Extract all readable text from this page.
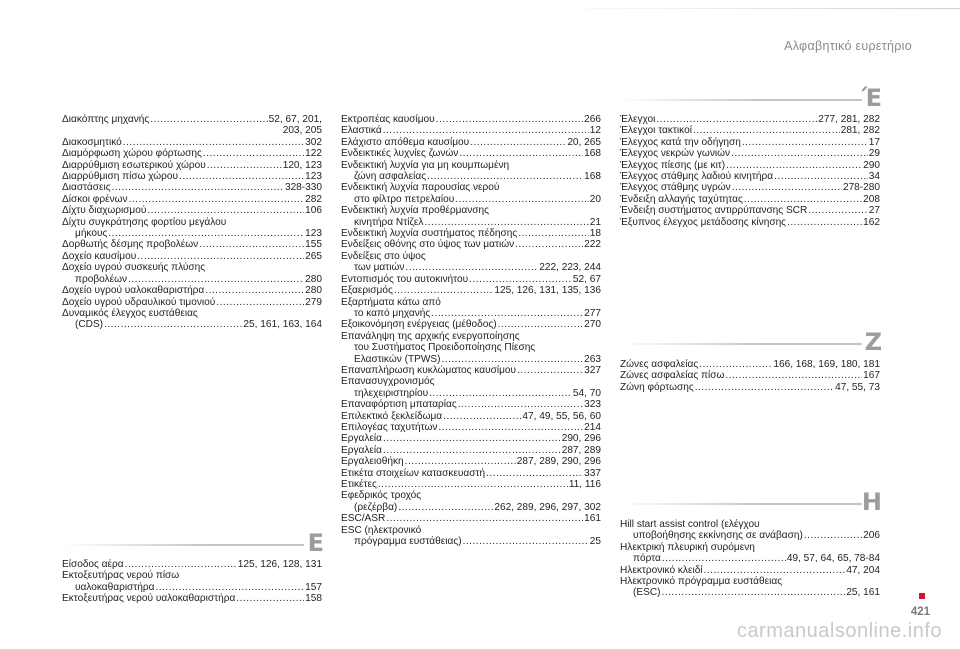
Αλφαβητικό ευρετήριο
Διακόπτης μηχανής .....	52, 67, 201,
203, 205
Διακοσμητικό .....	302
Διαμόρφωση χώρου φόρτωσης .....	122
Διαρρύθμιση εσωτερικού χώρου .....	120, 123
Διαρρύθμιση πίσω χώρου .....	123
Διαστάσεις .....	328-330
Δίσκοι φρένων .....	282
Δίχτυ διαχωρισμού .....	106
Δίχτυ συγκράτησης φορτίου μεγάλου
μήκους .....	123
Δορθωτής δέσμης προβολέων .....	155
Δοχείο καυσίμου .....	265
Δοχείο υγρού συσκευής πλύσης
προβολέων .....	280
Δοχείο υγρού υαλοκαθαριστήρα .....	280
Δοχείο υγρού υδραυλικού τιμονιού .....	279
Δυναμικός έλεγχος ευστάθειας
(CDS) .....	25, 161, 163, 164
E
Είσοδος αέρα .....	125, 126, 128, 131
Εκτοξευτήρας νερού πίσω
υαλοκαθαριστήρα .....	157
Εκτοξευτήρας νερού υαλοκαθαριστήρα .....	158
Εκτροπέας καυσίμου .....	266
Ελαστικά .....	12
Ελάχιστο απόθεμα καυσίμου .....	20, 265
Ενδεικτικές λυχνίες ζωνών .....	168
Ενδεικτική λυχνία για μη κουμπωμένη
ζώνη ασφαλείας .....	168
Ενδεικτική λυχνία παρουσίας νερού
στο φίλτρο πετρελαίου .....	20
Ενδεικτική λυχνία προθέρμανσης
κινητήρα Ντίζελ .....	21
Ενδεικτική λυχνία συστήματος πέδησης .....	18
Ενδείξεις οθόνης στο ύψος των ματιών .....	222
Ενδείξεις στο ύψος
των ματιών .....	222, 223, 244
Εντοπισμός του αυτοκινήτου .....	52, 67
Εξαερισμός .....	125, 126, 131, 135, 136
Εξαρτήματα κάτω από
το καπό μηχανής .....	277
Εξοικονόμηση ενέργειας (μέθοδος) .....	270
Επανάληψη της αρχικής ενεργοποίησης
του Συστήματος Προειδοποίησης Πίεσης
Ελαστικών (TPWS) .....	263
Επαναπλήρωση κυκλώματος καυσίμου .....	327
Επανασυγχρονισμός
τηλεχειριστηρίου .....	54, 70
Επαναφόρτιση μπαταρίας .....	323
Επιλεκτικό ξεκλείδωμα .....	47, 49, 55, 56, 60
Επιλογέας ταχυτήτων .....	214
Εργαλεία .....	290, 296
Εργαλεία .....	287, 289
Εργαλειοθήκη .....	287, 289, 290, 296
Ετικέτα στοιχείων κατασκευαστή .....	337
Ετικέτες .....	11, 116
Εφεδρικός τροχός
(ρεζέρβα) .....	262, 289, 296, 297, 302
ESC/ASR .....	161
ESC (ηλεκτρονικό
πρόγραμμα ευστάθειας) .....	25
Έ
Έλεγχοι .....	277, 281, 282
Έλεγχοι τακτικοί .....	281, 282
Έλεγχος κατά την οδήγηση .....	17
Έλεγχος νεκρών γωνιών .....	29
Έλεγχος πίεσης (με κιτ) .....	290
Έλεγχος στάθμης λαδιού κινητήρα .....	34
Έλεγχος στάθμης υγρών .....	278-280
Ένδειξη αλλαγής ταχύτητας .....	208
Ένδειξη συστήματος αντιρρύπανσης SCR .....	27
Έξυπνος έλεγχος μετάδοσης κίνησης .....	162
Z
Ζώνες ασφαλείας .....	166, 168, 169, 180, 181
Ζώνες ασφαλείας πίσω .....	167
Ζώνη φόρτωσης .....	47, 55, 73
H
Hill start assist control (ελέγχου
υποβοήθησης εκκίνησης σε ανάβαση) .....	206
Ηλεκτρική πλευρική συρόμενη
πόρτα .....	49, 57, 64, 65, 78-84
Ηλεκτρονικό κλειδί .....	47, 204
Ηλεκτρονικό πρόγραμμα ευστάθειας
(ESC) .....	25, 161
421
carmanualsonline.info
